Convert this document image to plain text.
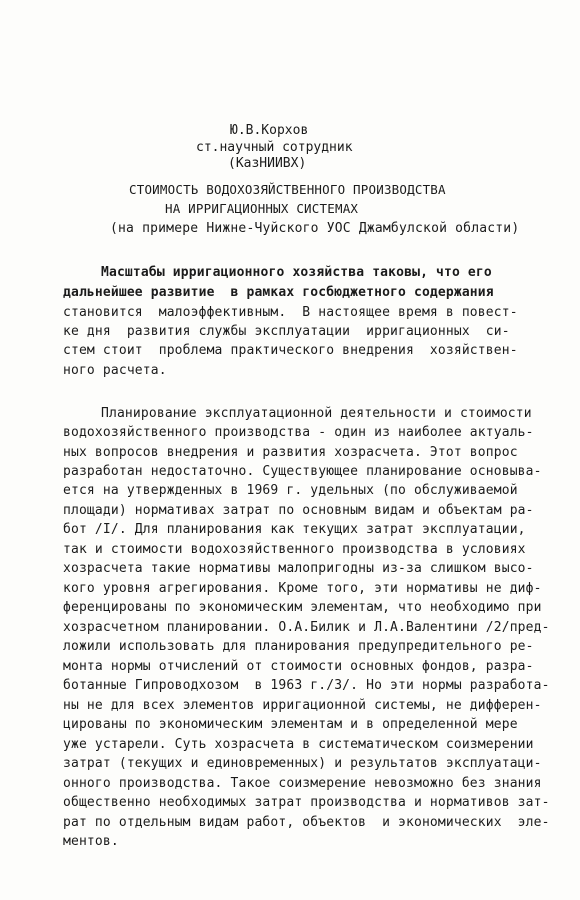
Ю.В.Корхов
ст.научный сотрудник
(КазНИИВХ)
СТОИМОСТЬ ВОДОХОЗЯЙСТВЕННОГО ПРОИЗВОДСТВА
НА ИРРИГАЦИОННЫХ СИСТЕМАХ
(на примере Нижне-Чуйского УОС Джамбулской области)
Масштабы ирригационного хозяйства таковы, что его
дальнейшее развитие  в рамках госбюджетного содержания
становится  малоэффективным.  В настоящее время в повест-
ке дня  развития службы эксплуатации  ирригационных  си-
стем стоит  проблема практического внедрения  хозяйствен-
ного расчета.
Планирование эксплуатационной деятельности и стоимости
водохозяйственного производства - один из наиболее актуаль-
ных вопросов внедрения и развития хозрасчета. Этот вопрос
разработан недостаточно. Существующее планирование основыва-
ется на утвержденных в 1969 г. удельных (по обслуживаемой
площади) нормативах затрат по основным видам и объектам ра-
бот /I/. Для планирования как текущих затрат эксплуатации,
так и стоимости водохозяйственного производства в условиях
хозрасчета такие нормативы малопригодны из-за слишком высо-
кого уровня агрегирования. Кроме того, эти нормативы не диф-
ференцированы по экономическим элементам, что необходимо при
хозрасчетном планировании. О.А.Билик и Л.А.Валентини /2/пред-
ложили использовать для планирования предупредительного ре-
монта нормы отчислений от стоимости основных фондов, разра-
ботанные Гипроводхозом  в 1963 г./3/. Но эти нормы разработа-
ны не для всех элементов ирригационной системы, не дифферен-
цированы по экономическим элементам и в определенной мере
уже устарели. Суть хозрасчета в систематическом соизмерении
затрат (текущих и единовременных) и результатов эксплуатаци-
онного производства. Такое соизмерение невозможно без знания
общественно необходимых затрат производства и нормативов зат-
рат по отдельным видам работ, объектов  и экономических  эле-
ментов.
